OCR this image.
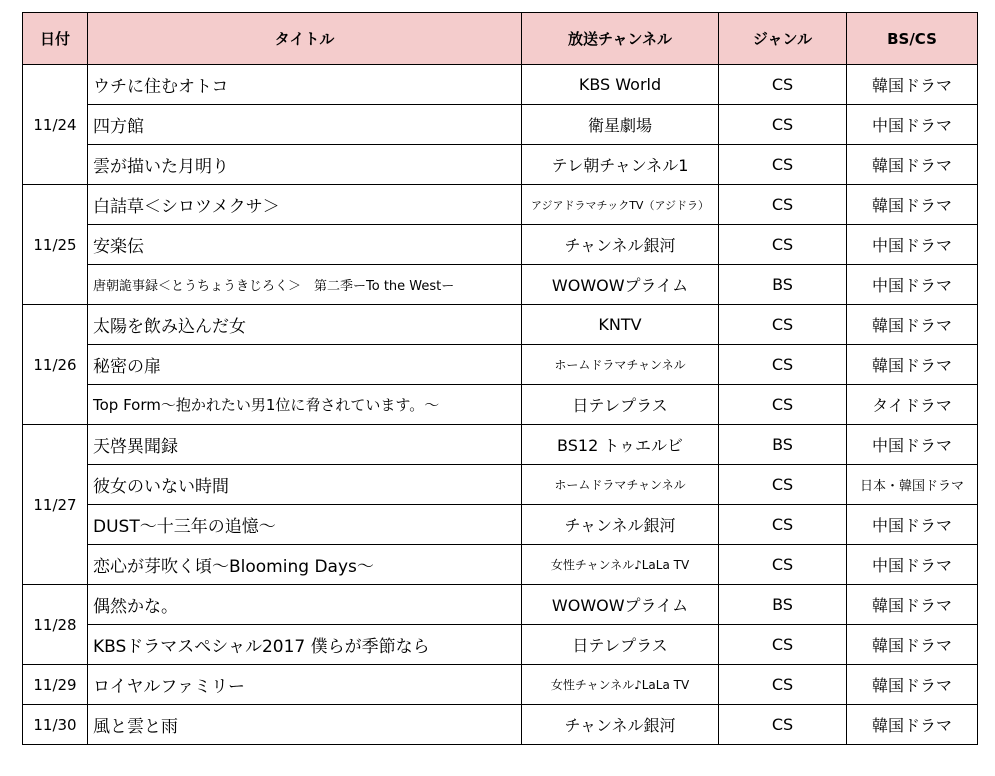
日付	タイトル	放送チャンネル	ジャンル	BS/CS
11/24	ウチに住むオトコ	KBS World	CS	韓国ドラマ
	四方館	衛星劇場	CS	中国ドラマ
	雲が描いた月明り	テレ朝チャンネル1	CS	韓国ドラマ
11/25	白詰草＜シロツメクサ＞	アジアドラマチックTV（アジドラ）	CS	韓国ドラマ
	安楽伝	チャンネル銀河	CS	中国ドラマ
	唐朝詭事録＜とうちょうきじろく＞　第二季ーTo the Westー	WOWOWプライム	BS	中国ドラマ
11/26	太陽を飲み込んだ女	KNTV	CS	韓国ドラマ
	秘密の扉	ホームドラマチャンネル	CS	韓国ドラマ
	Top Form～抱かれたい男1位に脅されています。～	日テレプラス	CS	タイドラマ
11/27	天啓異聞録	BS12 トゥエルビ	BS	中国ドラマ
	彼女のいない時間	ホームドラマチャンネル	CS	日本・韓国ドラマ
	DUST～十三年の追憶～	チャンネル銀河	CS	中国ドラマ
	恋心が芽吹く頃～Blooming Days～	女性チャンネル♪LaLa TV	CS	中国ドラマ
11/28	偶然かな。	WOWOWプライム	BS	韓国ドラマ
	KBSドラマスペシャル2017 僕らが季節なら	日テレプラス	CS	韓国ドラマ
11/29	ロイヤルファミリー	女性チャンネル♪LaLa TV	CS	韓国ドラマ
11/30	風と雲と雨	チャンネル銀河	CS	韓国ドラマ
